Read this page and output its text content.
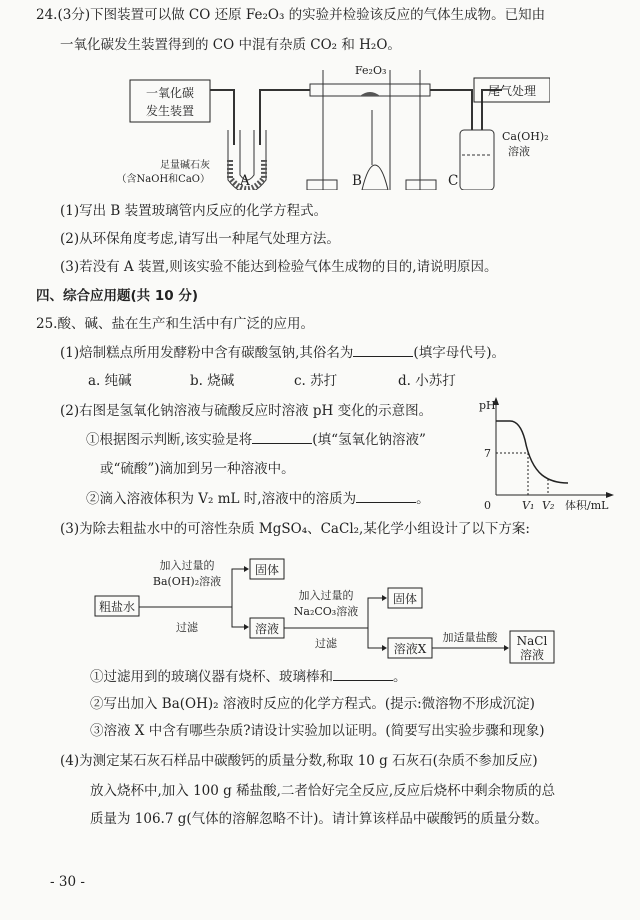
24.(3分)下图装置可以做 CO 还原 Fe₂O₃ 的实验并检验该反应的气体生成物。已知由
一氧化碳发生装置得到的 CO 中混有杂质 CO₂ 和 H₂O。
一氧化碳
发生装置
足量碱石灰
（含NaOH和CaO）
Fe₂O₃
尾气处理
Ca(OH)₂
溶液
A	B	C
(1)写出 B 装置玻璃管内反应的化学方程式。
(2)从环保角度考虑,请写出一种尾气处理方法。
(3)若没有 A 装置,则该实验不能达到检验气体生成物的目的,请说明原因。
四、综合应用题(共 10 分)
25.酸、碱、盐在生产和生活中有广泛的应用。
(1)焙制糕点所用发酵粉中含有碳酸氢钠,其俗名为	(填字母代号)。
a. 纯碱	b. 烧碱	c. 苏打	d. 小苏打
(2)右图是氢氧化钠溶液与硫酸反应时溶液 pH 变化的示意图。
①根据图示判断,该实验是将	(填“氢氧化钠溶液”
或“硫酸”)滴加到另一种溶液中。
②滴入溶液体积为 V₂ mL 时,溶液中的溶质为	。
pH
7
0	V₁ V₂ 体积/mL
(3)为除去粗盐水中的可溶性杂质 MgSO₄、CaCl₂,某化学小组设计了以下方案:
粗盐水
加入过量的
Ba(OH)₂溶液
过滤
固体
溶液
加入过量的
Na₂CO₃溶液
过滤
固体
溶液X
加适量盐酸 NaCl
溶液
①过滤用到的玻璃仪器有烧杯、玻璃棒和	。
②写出加入 Ba(OH)₂ 溶液时反应的化学方程式。(提示:微溶物不形成沉淀)
③溶液 X 中含有哪些杂质?请设计实验加以证明。(简要写出实验步骤和现象)
(4)为测定某石灰石样品中碳酸钙的质量分数,称取 10 g 石灰石(杂质不参加反应)
放入烧杯中,加入 100 g 稀盐酸,二者恰好完全反应,反应后烧杯中剩余物质的总
质量为 106.7 g(气体的溶解忽略不计)。请计算该样品中碳酸钙的质量分数。
- 30 -
